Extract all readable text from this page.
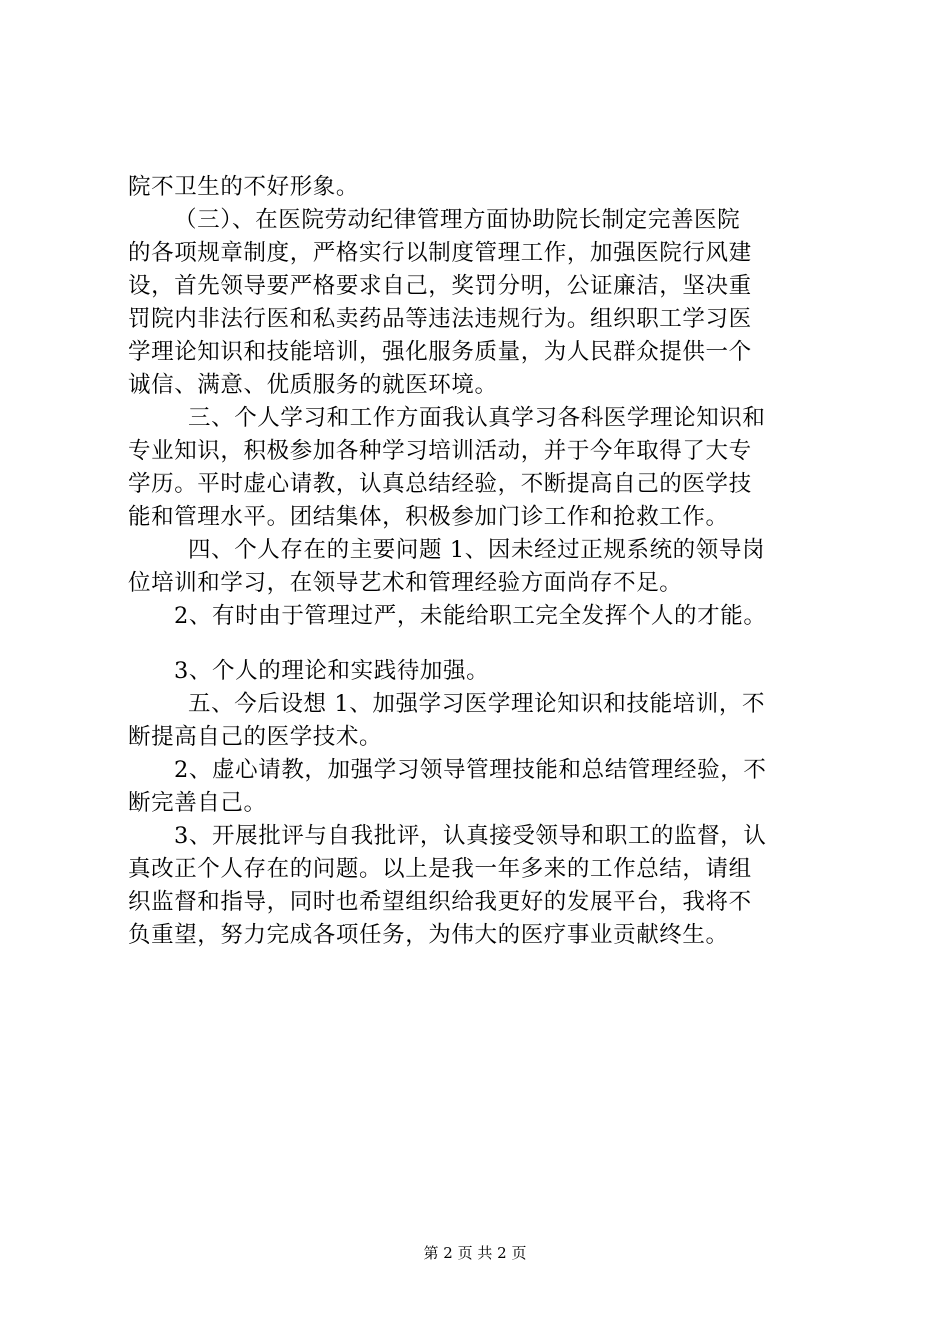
院不卫生的不好形象。
（三）、在医院劳动纪律管理方面协助院长制定完善医院
的各项规章制度，严格实行以制度管理工作，加强医院行风建
设，首先领导要严格要求自己，奖罚分明，公证廉洁，坚决重
罚院内非法行医和私卖药品等违法违规行为。组织职工学习医
学理论知识和技能培训，强化服务质量，为人民群众提供一个
诚信、满意、优质服务的就医环境。
三、个人学习和工作方面我认真学习各科医学理论知识和
专业知识，积极参加各种学习培训活动，并于今年取得了大专
学历。平时虚心请教，认真总结经验，不断提高自己的医学技
能和管理水平。团结集体，积极参加门诊工作和抢救工作。
四、个人存在的主要问题 1、因未经过正规系统的领导岗
位培训和学习，在领导艺术和管理经验方面尚存不足。
2、有时由于管理过严，未能给职工完全发挥个人的才能。
3、个人的理论和实践待加强。
五、今后设想 1、加强学习医学理论知识和技能培训，不
断提高自己的医学技术。
2、虚心请教，加强学习领导管理技能和总结管理经验，不
断完善自己。
3、开展批评与自我批评，认真接受领导和职工的监督，认
真改正个人存在的问题。以上是我一年多来的工作总结，请组
织监督和指导，同时也希望组织给我更好的发展平台，我将不
负重望，努力完成各项任务，为伟大的医疗事业贡献终生。
第 2 页 共 2 页
